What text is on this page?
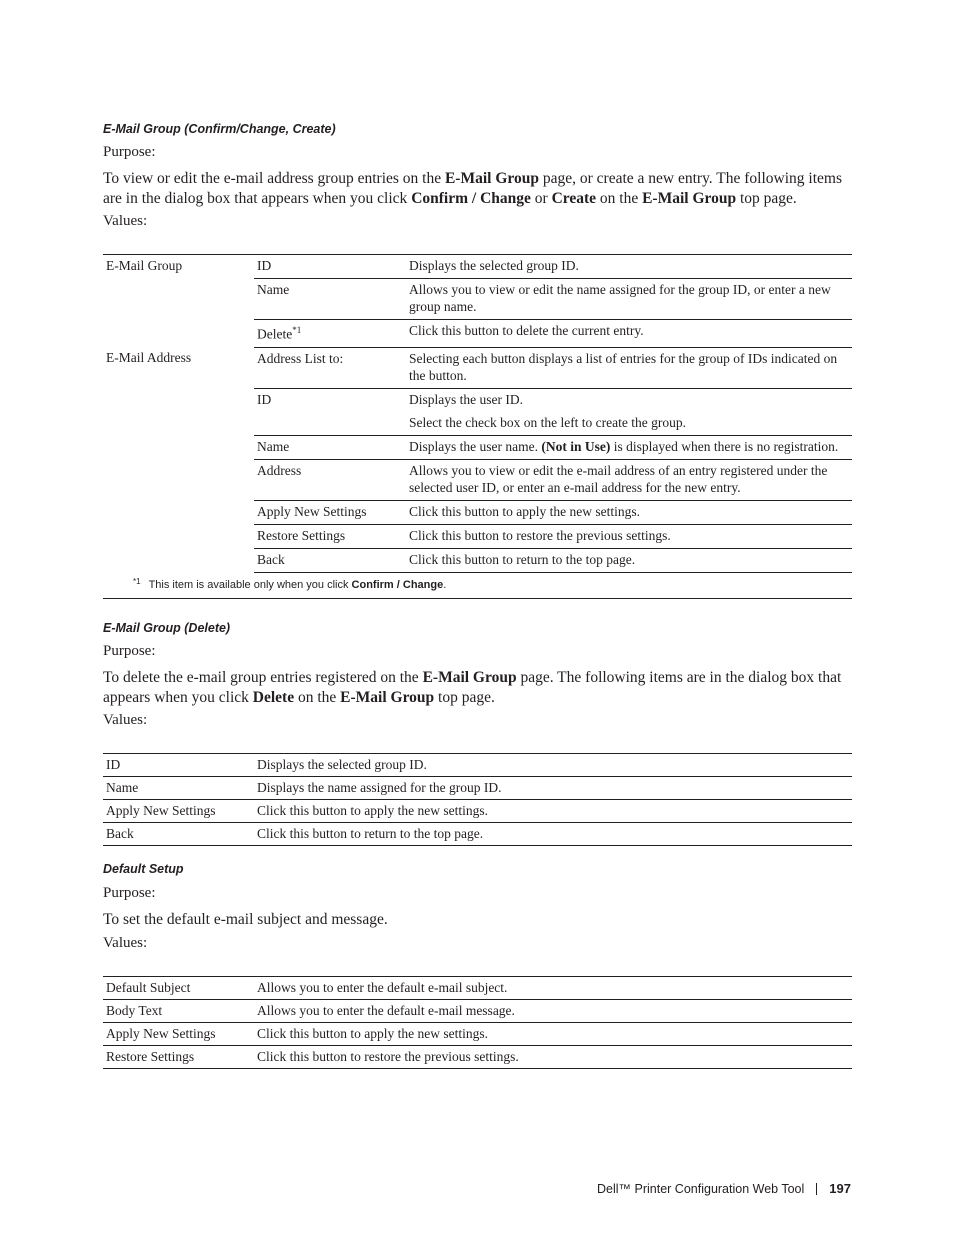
E-Mail Group (Confirm/Change, Create)
Purpose:
To view or edit the e-mail address group entries on the E-Mail Group page, or create a new entry. The following items are in the dialog box that appears when you click Confirm / Change or Create on the E-Mail Group top page.
Values:
E-Mail Group	ID	Displays the selected group ID.
	Name	Allows you to view or edit the name assigned for the group ID, or enter a new group name.
	Delete$^{*1}$	Click this button to delete the current entry.
E-Mail Address	Address List to:	Selecting each button displays a list of entries for the group of IDs indicated on the button.
	ID	Displays the user ID.

Select the check box on the left to create the group.

	Name	Displays the user name. (Not in Use) is displayed when there is no registration.
	Address	Allows you to view or edit the e-mail address of an entry registered under the selected user ID, or enter an e-mail address for the new entry.
	Apply New Settings	Click this button to apply the new settings.
	Restore Settings	Click this button to restore the previous settings.
	Back	Click this button to return to the top page.
$^{*1}$ This item is available only when you click Confirm / Change.		
E-Mail Group (Delete)
Purpose:
To delete the e-mail group entries registered on the E-Mail Group page. The following items are in the dialog box that appears when you click Delete on the E-Mail Group top page.
Values:
ID	Displays the selected group ID.
Name	Displays the name assigned for the group ID.
Apply New Settings	Click this button to apply the new settings.
Back	Click this button to return to the top page.
Default Setup
Purpose:
To set the default e-mail subject and message.
Values:
Default Subject	Allows you to enter the default e-mail subject.
Body Text	Allows you to enter the default e-mail message.
Apply New Settings	Click this button to apply the new settings.
Restore Settings	Click this button to restore the previous settings.
Dell™ Printer Configuration Web Tool 197
